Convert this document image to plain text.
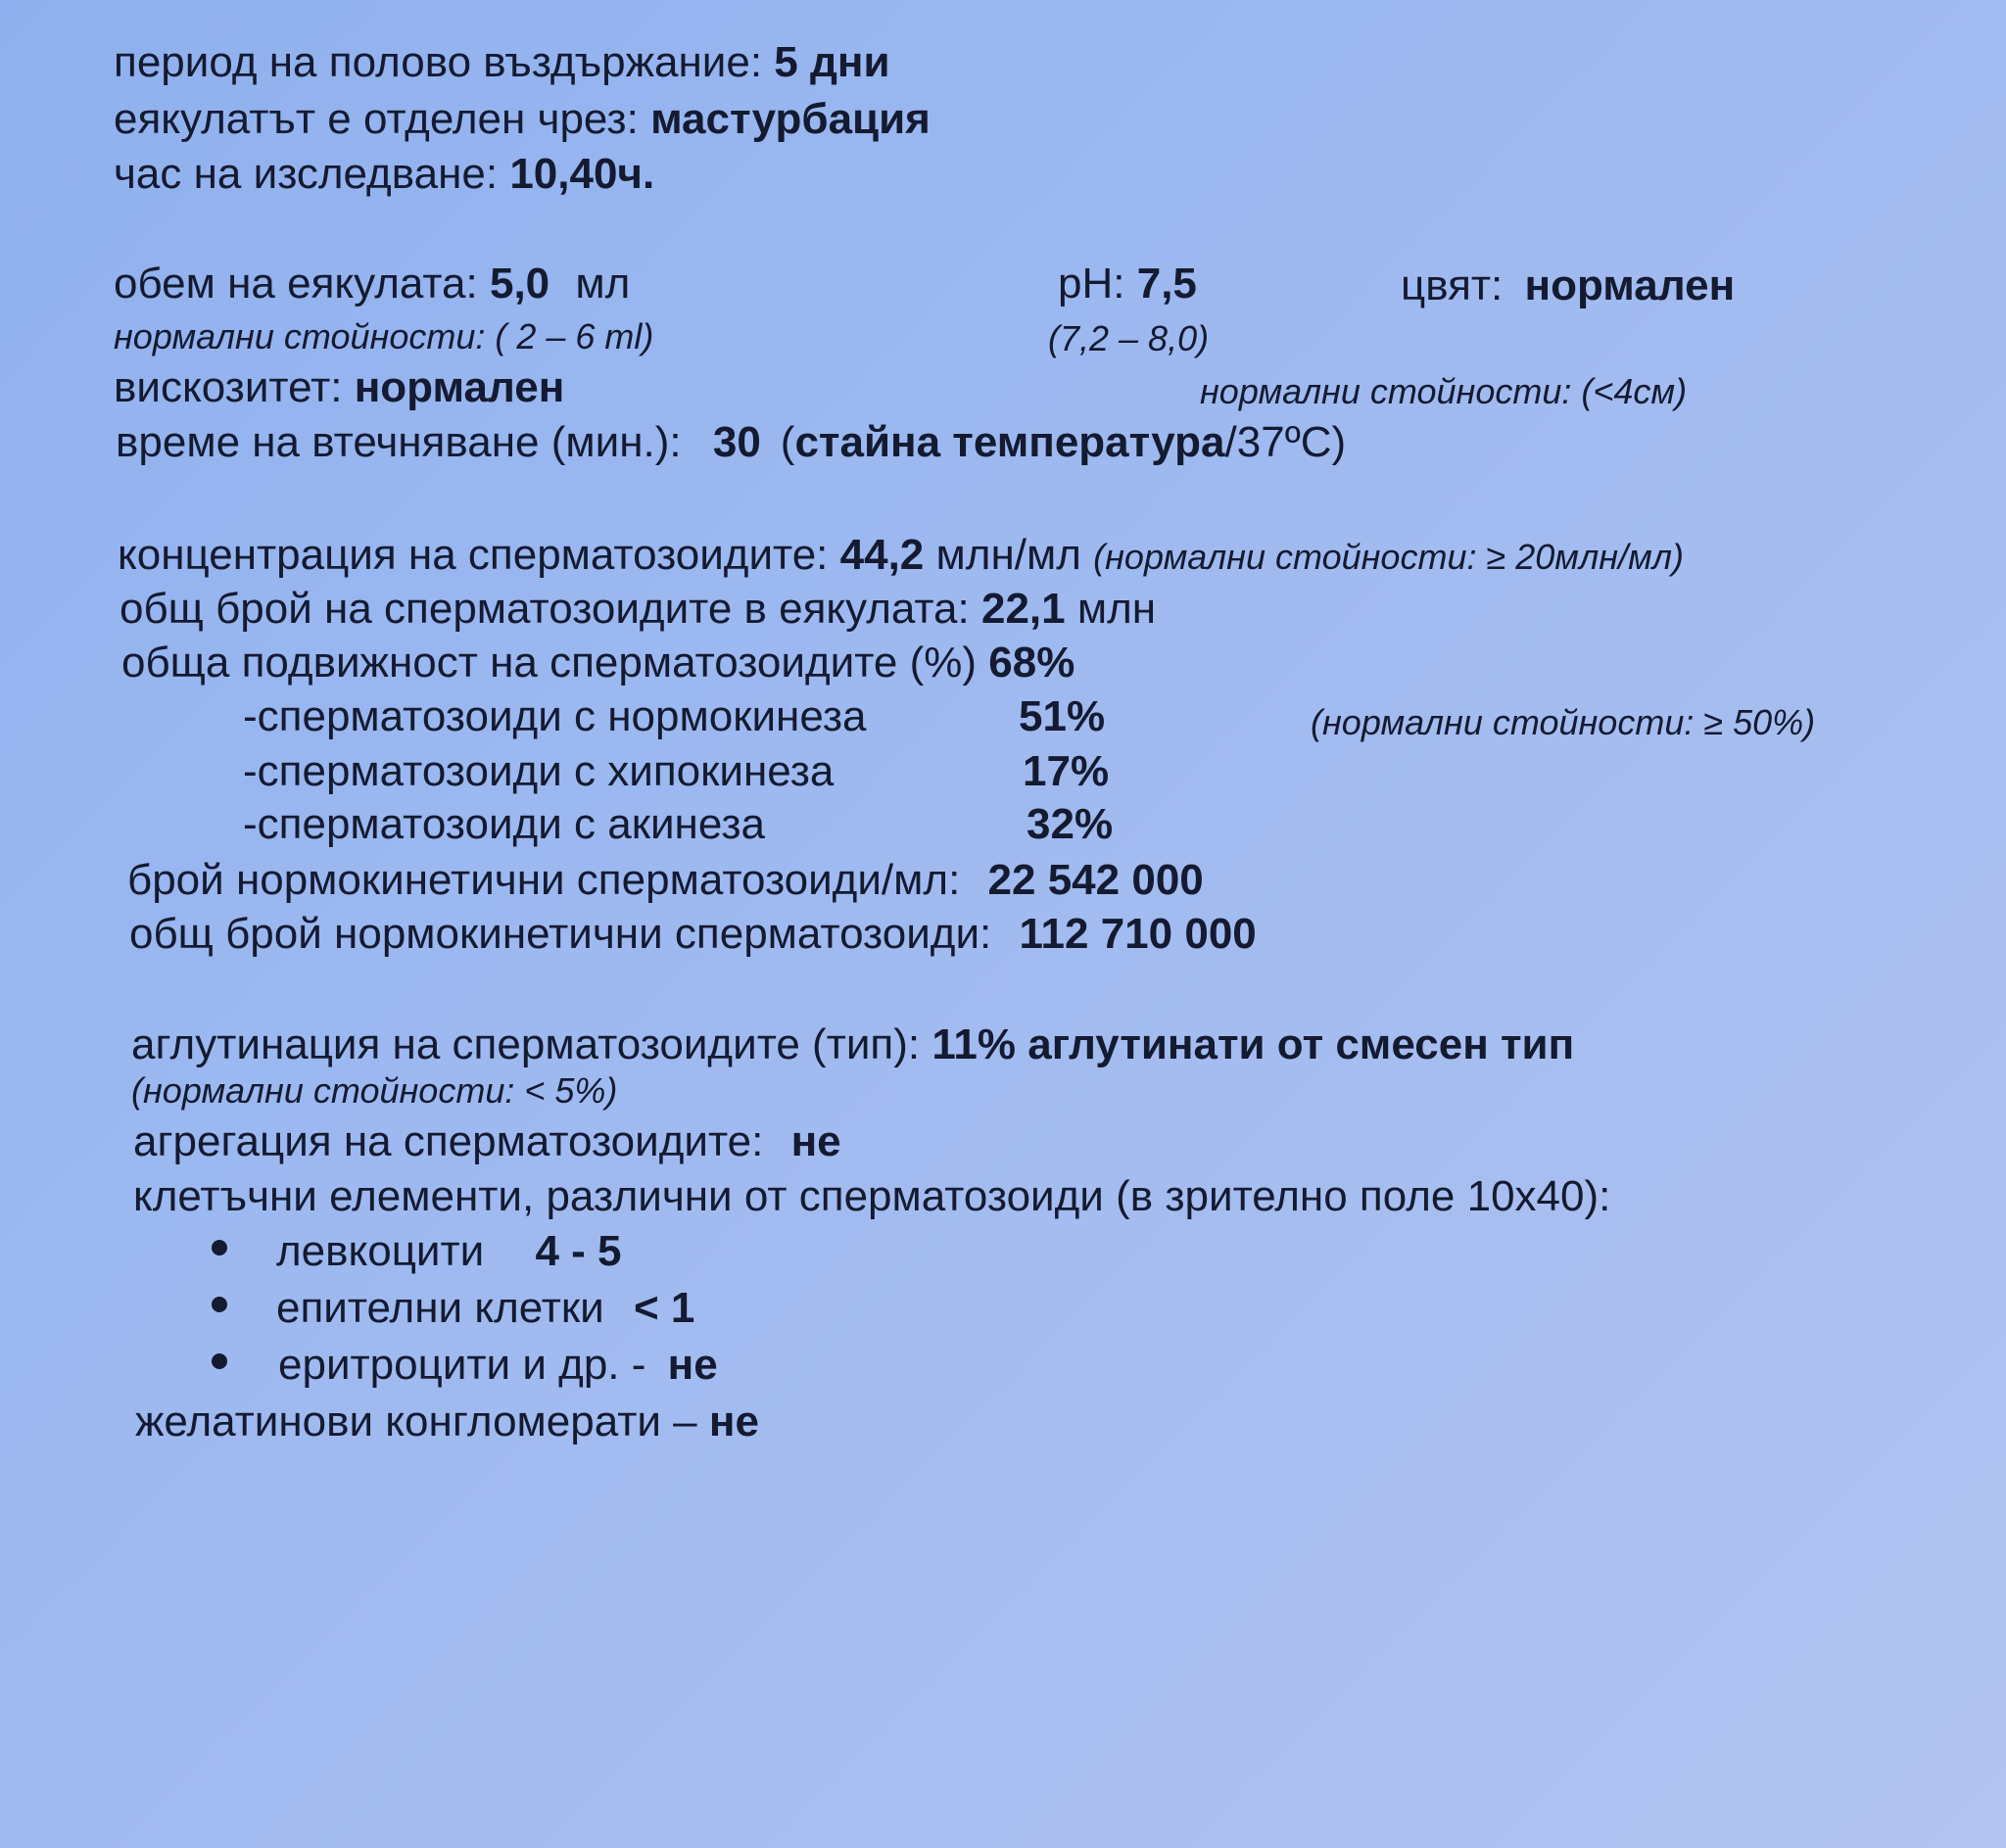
период на полово въздържание: 5 дни
еякулатът е отделен чрез: мастурбация
час на изследване: 10,40ч.
обем на еякулата: 5,0 мл
нормални стойности: ( 2 – 6 ml)
pH: 7,5
(7,2 – 8,0)
цвят: нормален
вискозитет: нормален	нормални стойности: (<4см)
време на втечняване (мин.): 30 (стайна температура/37ºC)
концентрация на сперматозоидите: 44,2 млн/мл (нормални стойности: ≥ 20млн/мл)
общ брой на сперматозоидите в еякулата: 22,1 млн
обща подвижност на сперматозоидите (%) 68%
-сперматозоиди с нормокинеза	51%	(нормални стойности: ≥ 50%)
-сперматозоиди с хипокинеза	17%
-сперматозоиди с акинеза	32%
брой нормокинетични сперматозоиди/мл: 22 542 000
общ брой нормокинетични сперматозоиди: 112 710 000
аглутинация на сперматозоидите (тип): 11% аглутинати от смесен тип
(нормални стойности: < 5%)
агрегация на сперматозоидите: не
клетъчни елементи, различни от сперматозоиди (в зрително поле 10x40):
левкоцити 4 - 5
епителни клетки < 1
еритроцити и др. - не
желатинови конгломерати – не
